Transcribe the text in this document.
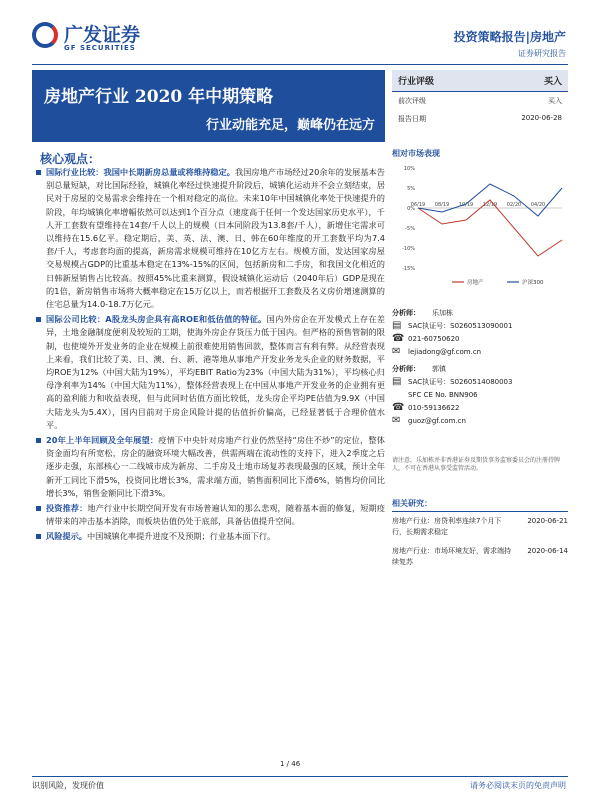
广发证券
GF SECURITIES
投资策略报告|房地产
证券研究报告
房地产行业 2020 年中期策略
行业动能充足，巅峰仍在远方
行业评级	买入
前次评级	买入
报告日期	2020-06-28
核心观点：

国际行业比较：我国中长期新房总量或将维持稳定。我国房地产市场经过20余年的发展基本告别总量短缺，对比国际经验，城镇化率经过快速提升阶段后，城镇化运动并不会立刻结束，居民对于房屋的交易需求会维持在一个相对稳定的高位。未来10年中国城镇化率处于快速提升的阶段，年均城镇化率增幅依然可以达到1个百分点（速度高于任何一个发达国家历史水平），千人开工套数有望维持在14套/千人以上的规模（日本同阶段为13.8套/千人），新增住宅需求可以维持在15.6亿平。稳定期后，美、英、法、澳、日、韩在60年维度的开工套数平均为7.4套/千人，考虑套均面的提高，新房需求规模可维持在10亿方左右。规模方面，发达国家房屋交易规模占GDP的比重基本稳定在13%-15%的区间，包括新房和二手房，和我国文化相近的日韩新屋销售占比较高。按照45%比重来测算，假设城镇化运动后（2040年后）GDP是现在的1倍，新房销售市场将大概率稳定在15万亿以上，而若根据开工套数及名义房价增速测算的住宅总量为14.0-18.7万亿元。

国际公司比较：A股龙头房企具有高ROE和低估值的特征。国内外房企在开发模式上存在差异，土地金融制度便利及较短的工期，使海外房企存货压力低于国内。但严格的预售管制的限制，也使境外开发业务的企业在规模上前很难使用销售回款，整体而言有利有弊。从经营表现上来看，我们比较了美、日、澳、台、新、港等地从事地产开发业务龙头企业的财务数据，平均ROE为12%（中国大陆为19%），平均EBIT Ratio为23%（中国大陆为31%），平均核心归母净利率为14%（中国大陆为11%），整体经营表现上在中国从事地产开发业务的企业拥有更高的盈利能力和收益表现，但与此同时估值方面比较低，龙头房企平均PE估值为9.9X（中国大陆龙头为5.4X），国内目前对于房企风险计提的估值折价偏高，已经显著低于合理价值水平。

20年上半年回顾及全年展望：疫情下中央针对房地产行业仍然坚持“房住不炒”的定位，整体资金面均有所宽松，房企的融资环境大幅改善，供需两端在流动性的支持下，进入2季度之后逐步走强，东部核心一二线城市成为新房、二手房及土地市场复苏表现最强的区域，预计全年新开工同比下滑5%，投资同比增长3%，需求端方面，销售面积同比下滑6%，销售均价同比增长3%，销售金额同比下滑3%。

投资推荐：地产行业中长期空间开发有市场普遍认知的那么悲观，随着基本面的修复，短期疫情带来的冲击基本消除，而板块估值仍处于底部，具备估值提升空间。

风险提示。中国城镇化率提升进度不及预期；行业基本面下行。

相对市场表现
10%
5%
0%
-5%
-10%
-15%
06/19 08/19 10/19 12/19 02/20 04/20
房地产	沪深300
分析师：	乐加栋
▤ SAC执证号：S0260513090001
☎ 021-60750620
✉	lejiadong@gf.com.cn
分析师：	郭镇
▤ SAC执证号：S0260514080003
SFC CE No. BNN906
☎ 010-59136622
✉	guoz@gf.com.cn
请注意，乐加栋并非香港证券及期货事务监察委员会的注册持牌人，不可在香港从事受监管活动。
相关研究：
房地产行业：房贷利率连续7个月下行，长期需求稳定
2020-06-21
房地产行业：市场环境友好，需求端持续复苏
2020-06-14
1 / 46
识别风险，发现价值	请务必阅读末页的免责声明
